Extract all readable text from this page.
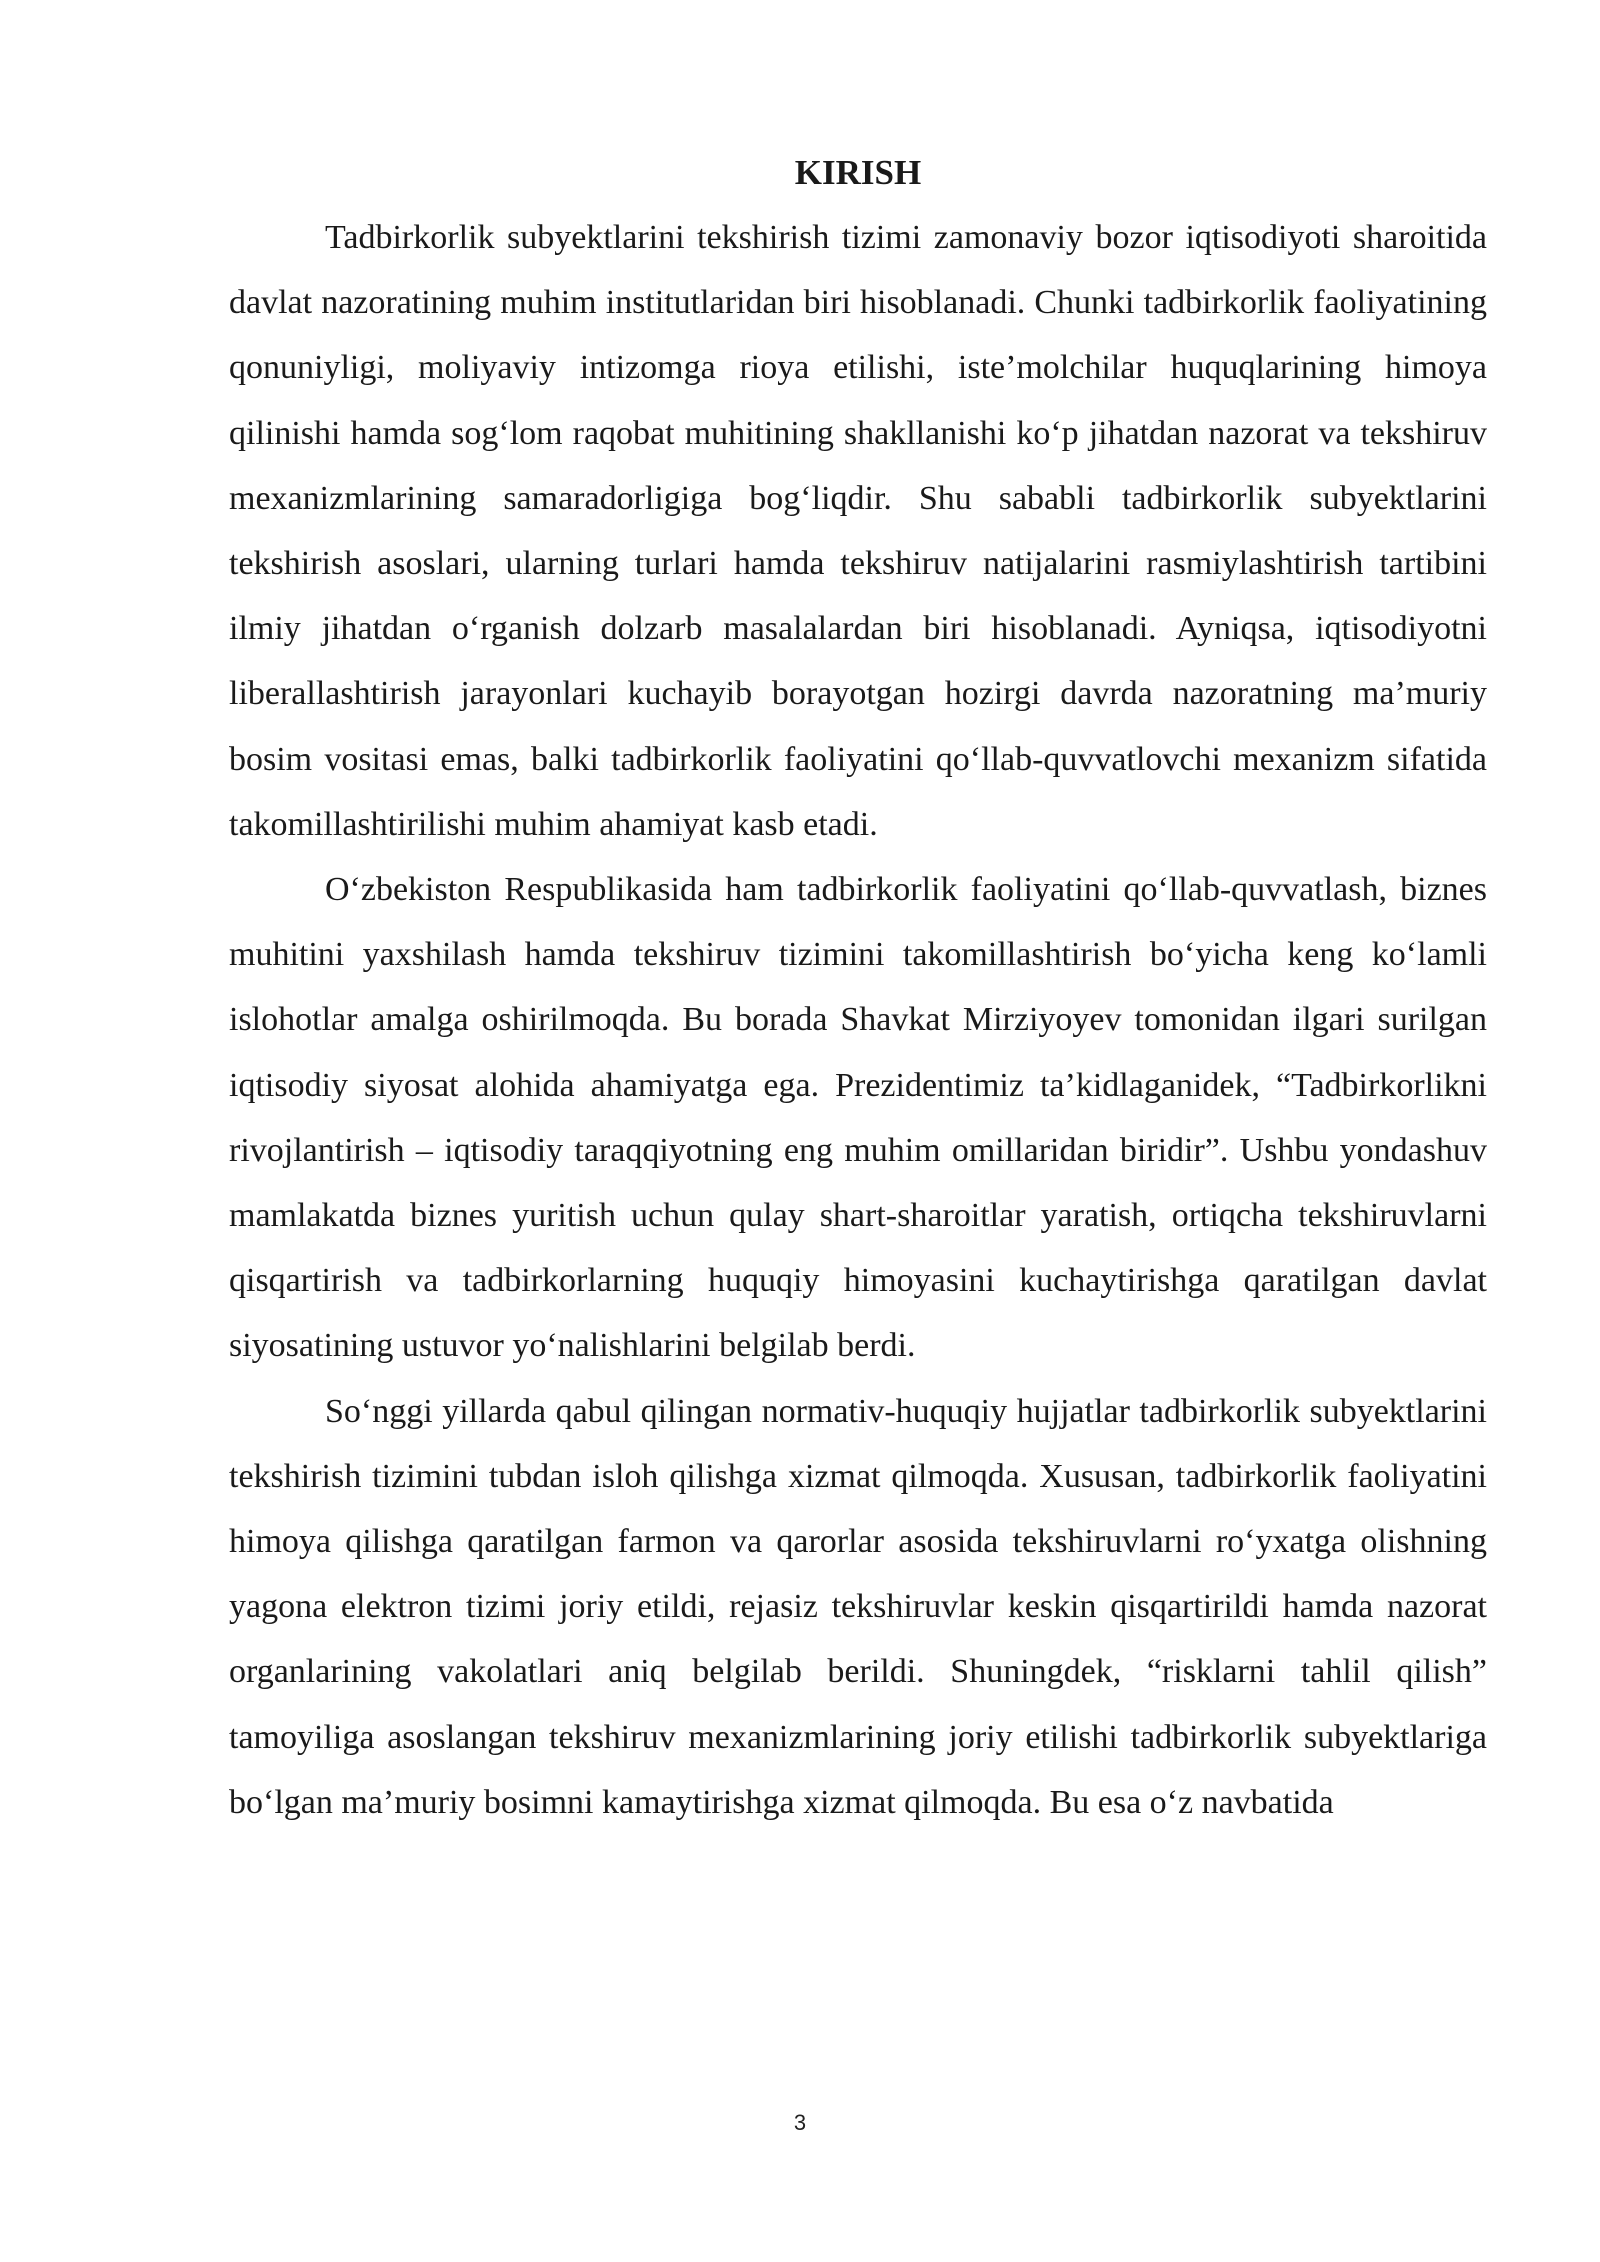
KIRISH

Tadbirkorlik subyektlarini tekshirish tizimi zamonaviy bozor iqtisodiyoti sharoitida davlat nazoratining muhim institutlaridan biri hisoblanadi. Chunki tadbirkorlik faoliyatining qonuniyligi, moliyaviy intizomga rioya etilishi, iste’molchilar huquqlarining himoya qilinishi hamda sog‘lom raqobat muhitining shakllanishi ko‘p jihatdan nazorat va tekshiruv mexanizmlarining samaradorligiga bog‘liqdir. Shu sababli tadbirkorlik subyektlarini tekshirish asoslari, ularning turlari hamda tekshiruv natijalarini rasmiylashtirish tartibini ilmiy jihatdan o‘rganish dolzarb masalalardan biri hisoblanadi. Ayniqsa, iqtisodiyotni liberallashtirish jarayonlari kuchayib borayotgan hozirgi davrda nazoratning ma’muriy bosim vositasi emas, balki tadbirkorlik faoliyatini qo‘llab-quvvatlovchi mexanizm sifatida takomillashtirilishi muhim ahamiyat kasb etadi.

O‘zbekiston Respublikasida ham tadbirkorlik faoliyatini qo‘llab-quvvatlash, biznes muhitini yaxshilash hamda tekshiruv tizimini takomillashtirish bo‘yicha keng ko‘lamli islohotlar amalga oshirilmoqda. Bu borada Shavkat Mirziyoyev tomonidan ilgari surilgan iqtisodiy siyosat alohida ahamiyatga ega. Prezidentimiz ta’kidlaganidek, “Tadbirkorlikni rivojlantirish – iqtisodiy taraqqiyotning eng muhim omillaridan biridir”. Ushbu yondashuv mamlakatda biznes yuritish uchun qulay shart-sharoitlar yaratish, ortiqcha tekshiruvlarni qisqartirish va tadbirkorlarning huquqiy himoyasini kuchaytirishga qaratilgan davlat siyosatining ustuvor yo‘nalishlarini belgilab berdi.

So‘nggi yillarda qabul qilingan normativ-huquqiy hujjatlar tadbirkorlik subyektlarini tekshirish tizimini tubdan isloh qilishga xizmat qilmoqda. Xususan, tadbirkorlik faoliyatini himoya qilishga qaratilgan farmon va qarorlar asosida tekshiruvlarni ro‘yxatga olishning yagona elektron tizimi joriy etildi, rejasiz tekshiruvlar keskin qisqartirildi hamda nazorat organlarining vakolatlari aniq belgilab berildi. Shuningdek, “risklarni tahlil qilish” tamoyiliga asoslangan tekshiruv mexanizmlarining joriy etilishi tadbirkorlik subyektlariga bo‘lgan ma’muriy bosimni kamaytirishga xizmat qilmoqda. Bu esa o‘z navbatida

3
